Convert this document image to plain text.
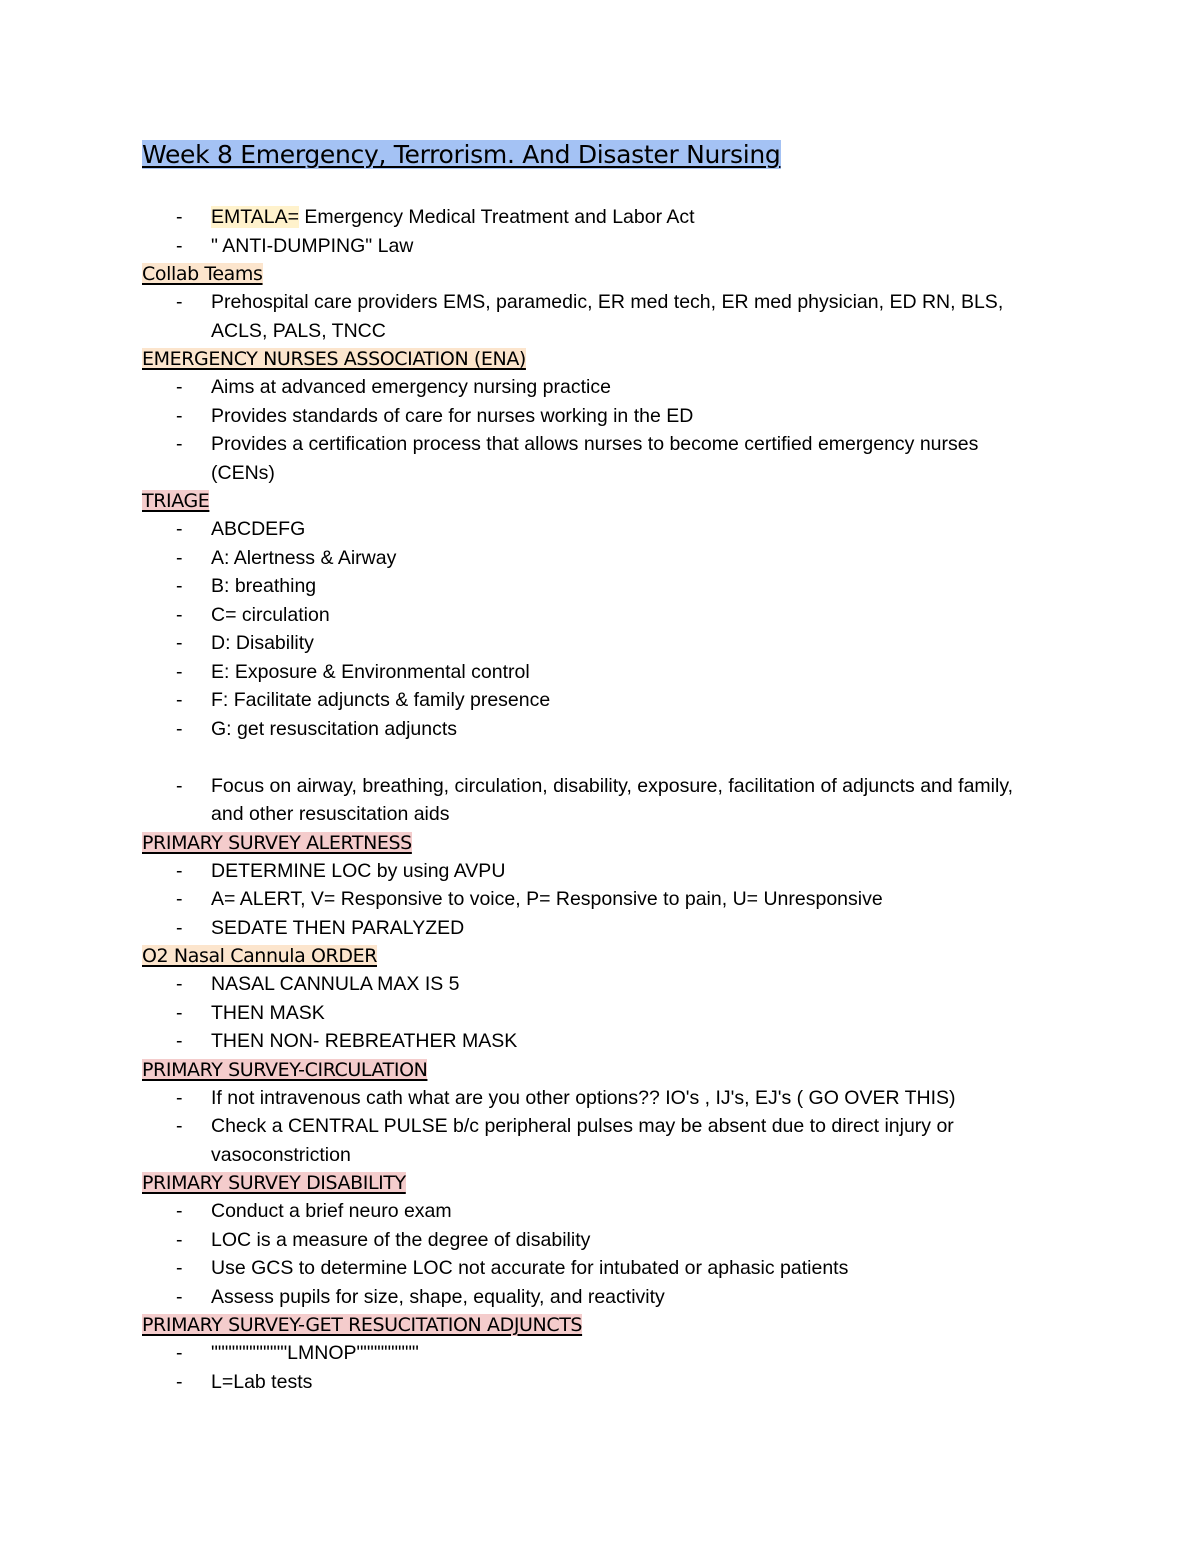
Week 8 Emergency, Terrorism. And Disaster Nursing
- EMTALA= Emergency Medical Treatment and Labor Act
- " ANTI-DUMPING" Law
Collab Teams
- Prehospital care providers EMS, paramedic, ER med tech, ER med physician, ED RN, BLS, ACLS, PALS, TNCC
EMERGENCY NURSES ASSOCIATION (ENA)
- Aims at advanced emergency nursing practice
- Provides standards of care for nurses working in the ED
- Provides a certification process that allows nurses to become certified emergency nurses (CENs)
TRIAGE
- ABCDEFG
- A: Alertness & Airway
- B: breathing
- C= circulation
- D: Disability
- E: Exposure & Environmental control
- F: Facilitate adjuncts & family presence
- G: get resuscitation adjuncts
- Focus on airway, breathing, circulation, disability, exposure, facilitation of adjuncts and family, and other resuscitation aids
PRIMARY SURVEY ALERTNESS
- DETERMINE LOC by using AVPU
- A= ALERT, V= Responsive to voice, P= Responsive to pain, U= Unresponsive
- SEDATE THEN PARALYZED
O2 Nasal Cannula ORDER
- NASAL CANNULA MAX IS 5
- THEN MASK
- THEN NON- REBREATHER MASK
PRIMARY SURVEY-CIRCULATION
- If not intravenous cath what are you other options?? IO's , IJ's, EJ's ( GO OVER THIS)
- Check a CENTRAL PULSE b/c peripheral pulses may be absent due to direct injury or vasoconstriction
PRIMARY SURVEY DISABILITY
- Conduct a brief neuro exam
- LOC is a measure of the degree of disability
- Use GCS to determine LOC not accurate for intubated or aphasic patients
- Assess pupils for size, shape, equality, and reactivity
PRIMARY SURVEY-GET RESUCITATION ADJUNCTS
- """""""""""LMNOP"""""""""
- L=Lab tests
